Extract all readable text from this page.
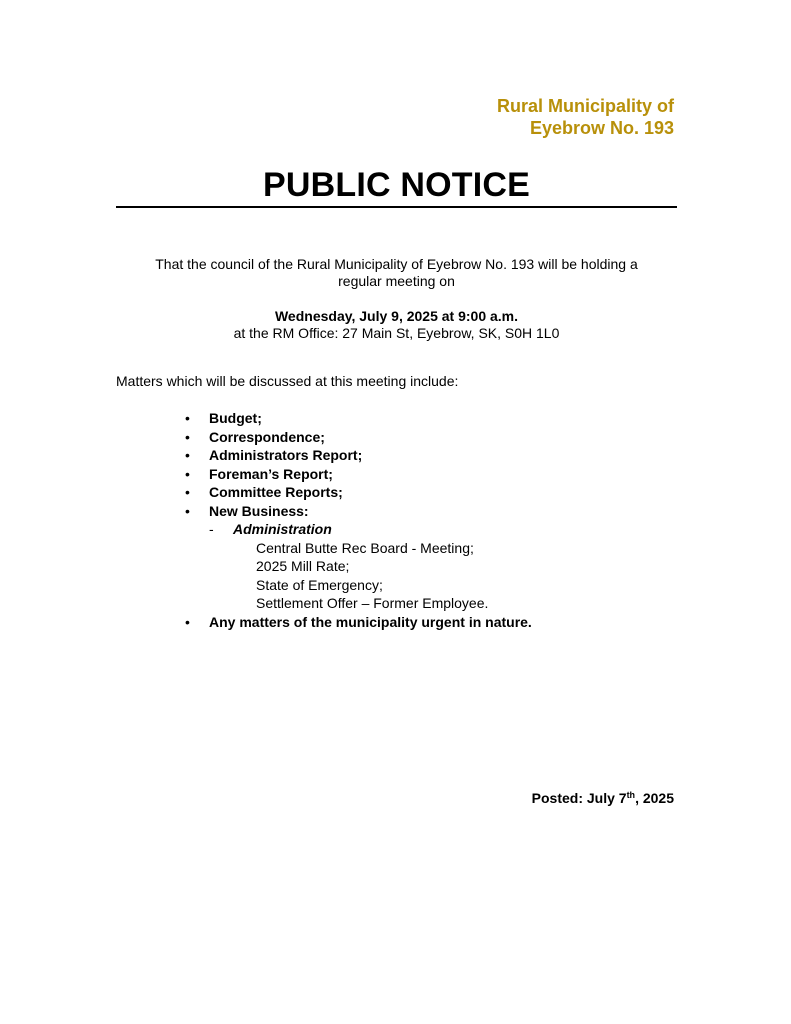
Rural Municipality of
Eyebrow No. 193
PUBLIC NOTICE
That the council of the Rural Municipality of Eyebrow No. 193 will be holding a
regular meeting on
Wednesday, July 9, 2025 at 9:00 a.m.
at the RM Office: 27 Main St, Eyebrow, SK, S0H 1L0
Matters which will be discussed at this meeting include:
• Budget;
• Correspondence;
• Administrators Report;
• Foreman’s Report;
• Committee Reports;
• New Business:
- Administration
Central Butte Rec Board - Meeting;
2025 Mill Rate;
State of Emergency;
Settlement Offer – Former Employee.
• Any matters of the municipality urgent in nature.
Posted: July 7th, 2025
